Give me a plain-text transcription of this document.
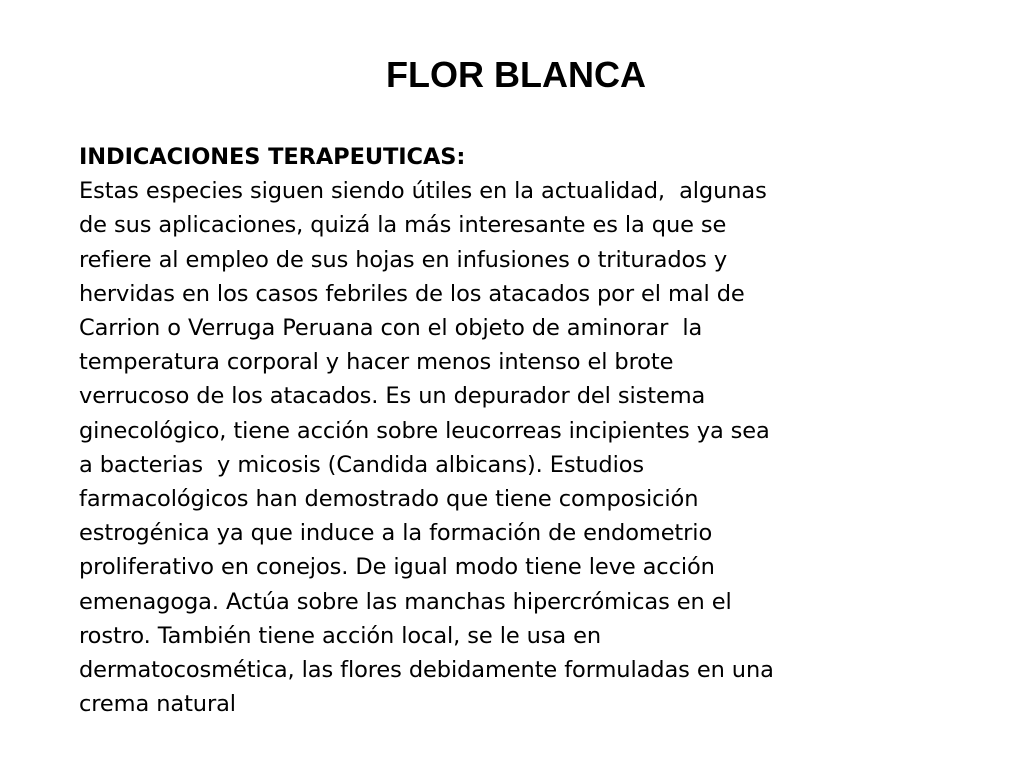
FLOR BLANCA
INDICACIONES TERAPEUTICAS:
Estas especies siguen siendo útiles en la actualidad,  algunas
de sus aplicaciones, quizá la más interesante es la que se
refiere al empleo de sus hojas en infusiones o triturados y
hervidas en los casos febriles de los atacados por el mal de
Carrion o Verruga Peruana con el objeto de aminorar  la
temperatura corporal y hacer menos intenso el brote
verrucoso de los atacados. Es un depurador del sistema
ginecológico, tiene acción sobre leucorreas incipientes ya sea
a bacterias  y micosis (Candida albicans). Estudios
farmacológicos han demostrado que tiene composición
estrogénica ya que induce a la formación de endometrio
proliferativo en conejos. De igual modo tiene leve acción
emenagoga. Actúa sobre las manchas hipercrómicas en el
rostro. También tiene acción local, se le usa en
dermatocosmética, las flores debidamente formuladas en una
crema natural
